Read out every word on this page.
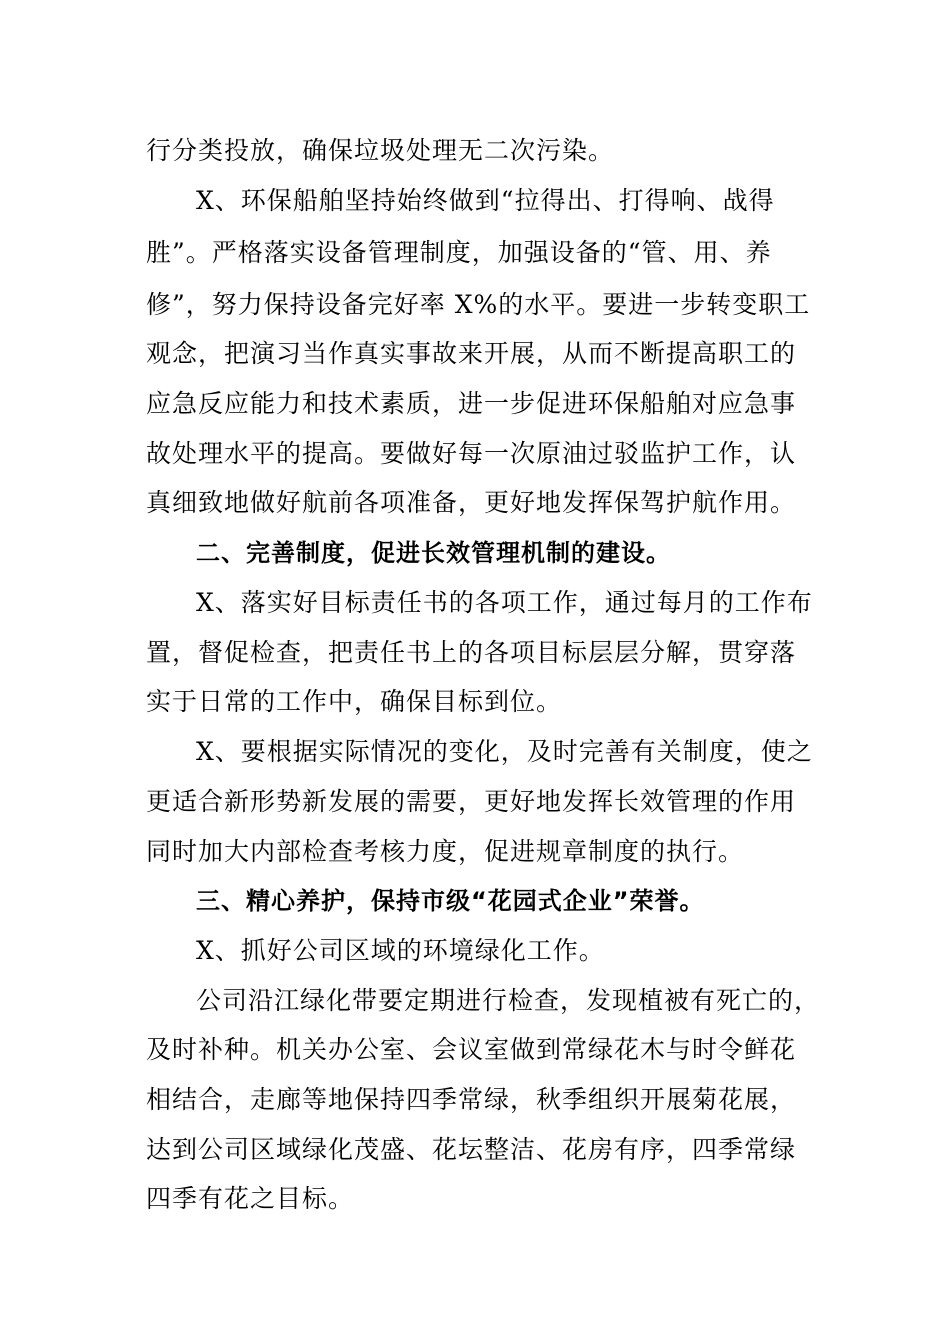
行分类投放，确保垃圾处理无二次污染。
X、环保船舶坚持始终做到“拉得出、打得响、战得
胜”。严格落实设备管理制度，加强设备的“管、用、养
修”，努力保持设备完好率 X%的水平。要进一步转变职工
观念，把演习当作真实事故来开展，从而不断提高职工的
应急反应能力和技术素质，进一步促进环保船舶对应急事
故处理水平的提高。要做好每一次原油过驳监护工作，认
真细致地做好航前各项准备，更好地发挥保驾护航作用。
二、完善制度，促进长效管理机制的建设。
X、落实好目标责任书的各项工作，通过每月的工作布
置，督促检查，把责任书上的各项目标层层分解，贯穿落
实于日常的工作中，确保目标到位。
X、要根据实际情况的变化，及时完善有关制度，使之
更适合新形势新发展的需要，更好地发挥长效管理的作用
同时加大内部检查考核力度，促进规章制度的执行。
三、精心养护，保持市级“花园式企业”荣誉。
X、抓好公司区域的环境绿化工作。
公司沿江绿化带要定期进行检查，发现植被有死亡的，
及时补种。机关办公室、会议室做到常绿花木与时令鲜花
相结合，走廊等地保持四季常绿，秋季组织开展菊花展，
达到公司区域绿化茂盛、花坛整洁、花房有序，四季常绿
四季有花之目标。
